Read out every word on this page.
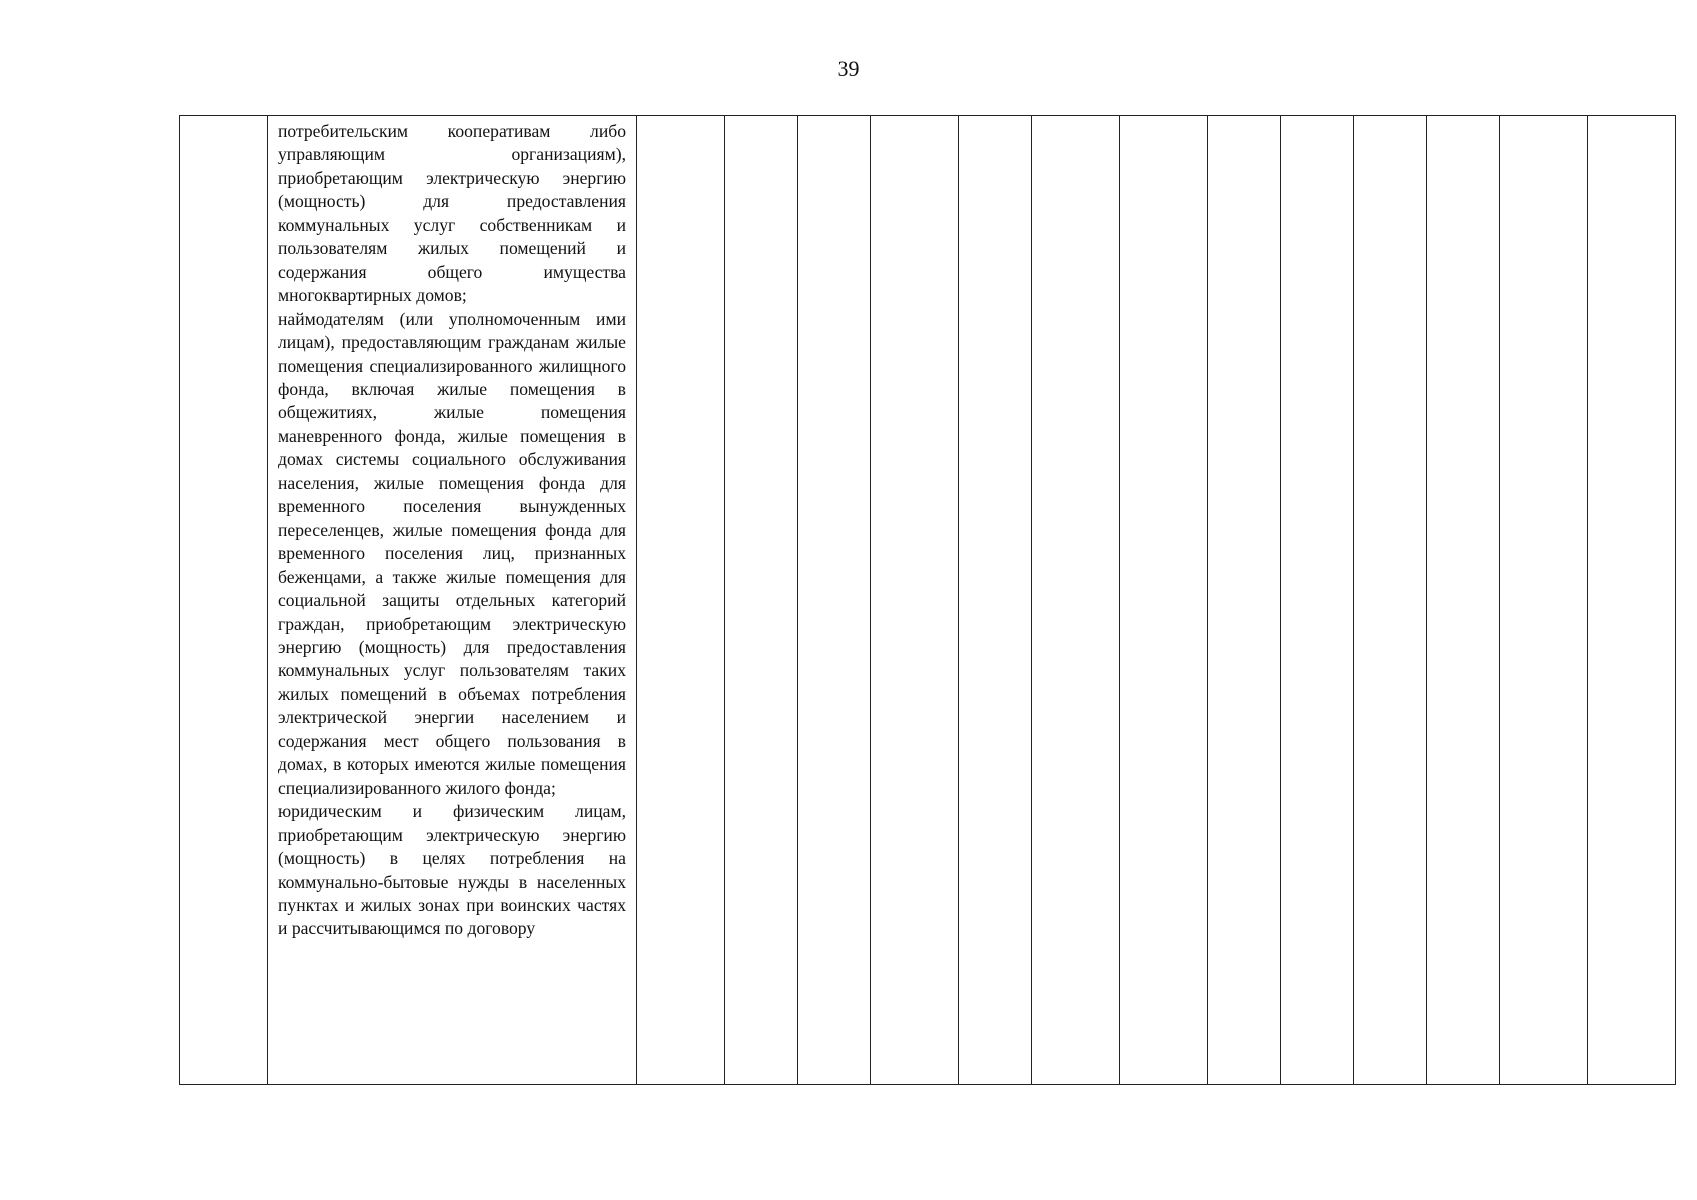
39

потребительским кооперативам либо управляющим организациям), приобретающим электрическую энергию (мощность) для предоставления коммунальных услуг собственникам и пользователям жилых помещений и содержания общего имущества многоквартирных домов;
наймодателям (или уполномоченным ими лицам), предоставляющим гражданам жилые помещения специализированного жилищного фонда, включая жилые помещения в общежитиях, жилые помещения маневренного фонда, жилые помещения в домах системы социального обслуживания населения, жилые помещения фонда для временного поселения вынужденных переселенцев, жилые помещения фонда для временного поселения лиц, признанных беженцами, а также жилые помещения для социальной защиты отдельных категорий граждан, приобретающим электрическую энергию (мощность) для предоставления коммунальных услуг пользователям таких жилых помещений в объемах потребления электрической энергии населением и содержания мест общего пользования в домах, в которых имеются жилые помещения специализированного жилого фонда;
юридическим и физическим лицам, приобретающим электрическую энергию (мощность) в целях потребления на коммунально-бытовые нужды в населенных пунктах и жилых зонах при воинских частях и рассчитывающимся по договору
